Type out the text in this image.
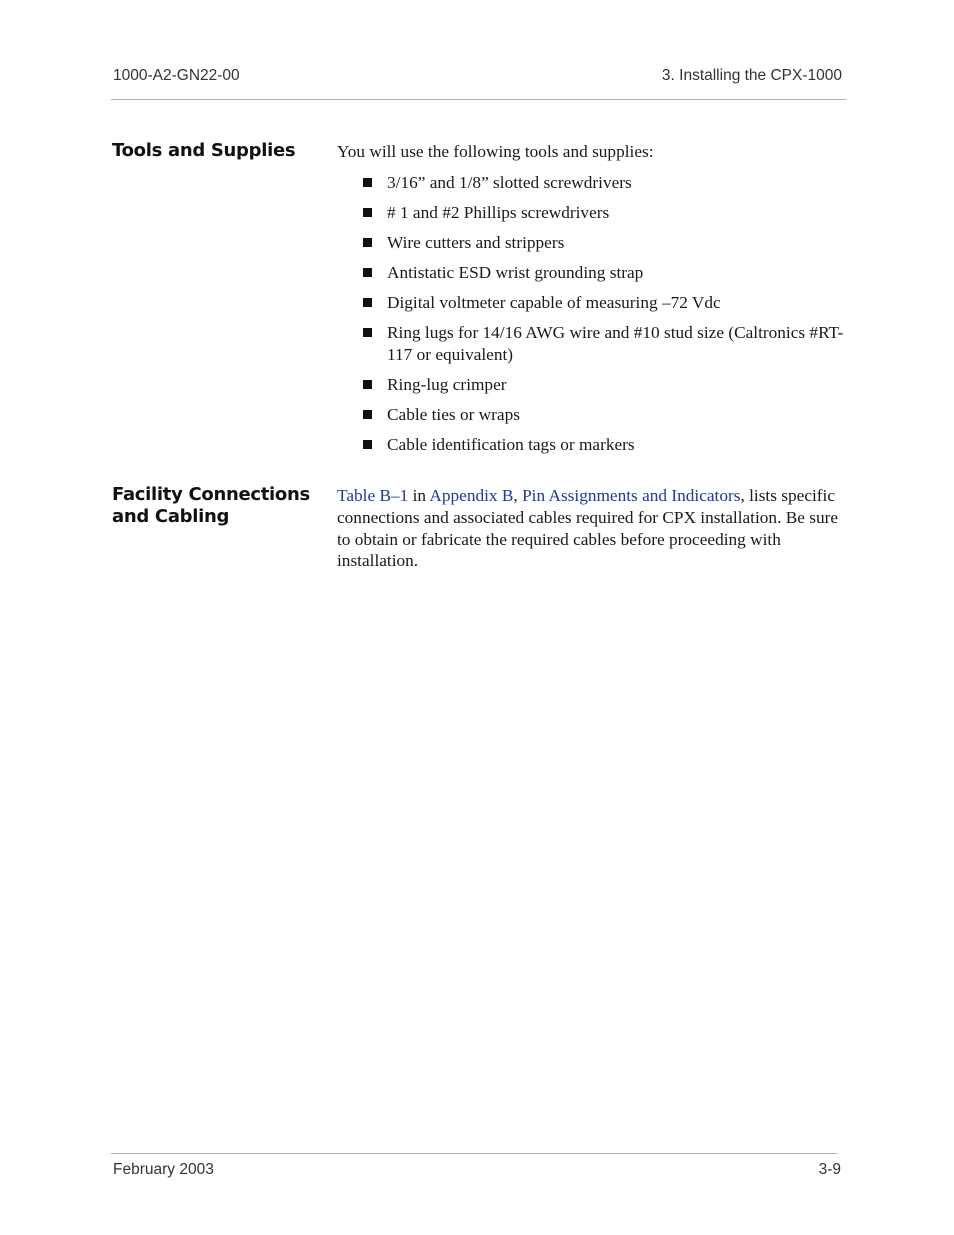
1000-A2-GN22-00	3. Installing the CPX-1000
Tools and Supplies	You will use the following tools and supplies:

3/16” and 1/8” slotted screwdrivers
# 1 and #2 Phillips screwdrivers
Wire cutters and strippers
Antistatic ESD wrist grounding strap
Digital voltmeter capable of measuring –72 Vdc
Ring lugs for 14/16 AWG wire and #10 stud size (Caltronics #RT-117 or equivalent)
Ring-lug crimper
Cable ties or wraps
Cable identification tags or markers
Facility Connections and Cabling

Table B–1 in Appendix B, Pin Assignments and Indicators, lists specific connections and associated cables required for CPX installation. Be sure to obtain or fabricate the required cables before proceeding with installation.

February 2003	3-9
